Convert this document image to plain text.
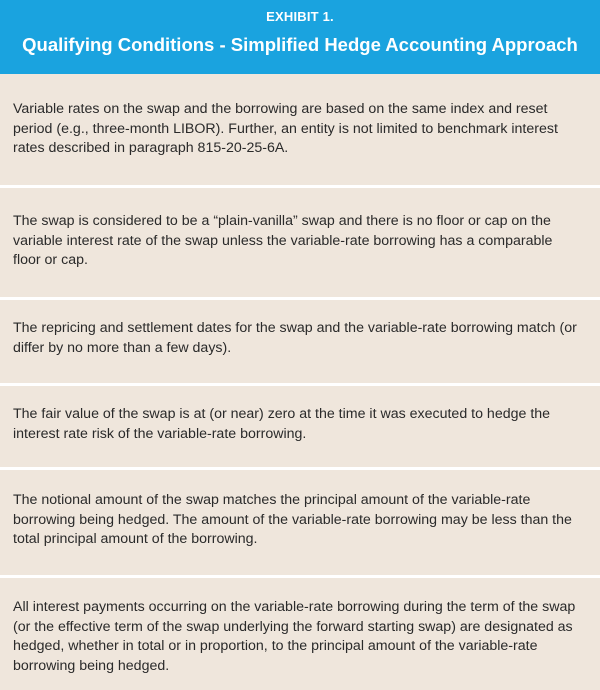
EXHIBIT 1.
Qualifying Conditions - Simplified Hedge Accounting Approach
Variable rates on the swap and the borrowing are based on the same index and reset period (e.g., three-month LIBOR). Further, an entity is not limited to benchmark interest rates described in paragraph 815-20-25-6A.
The swap is considered to be a “plain-vanilla” swap and there is no floor or cap on the variable interest rate of the swap unless the variable-rate borrowing has a comparable floor or cap.
The repricing and settlement dates for the swap and the variable-rate borrowing match (or differ by no more than a few days).
The fair value of the swap is at (or near) zero at the time it was executed to hedge the interest rate risk of the variable-rate borrowing.
The notional amount of the swap matches the principal amount of the variable-rate borrowing being hedged. The amount of the variable-rate borrowing may be less than the total principal amount of the borrowing.
All interest payments occurring on the variable-rate borrowing during the term of the swap (or the effective term of the swap underlying the forward starting swap) are designated as hedged, whether in total or in proportion, to the principal amount of the variable-rate borrowing being hedged.
